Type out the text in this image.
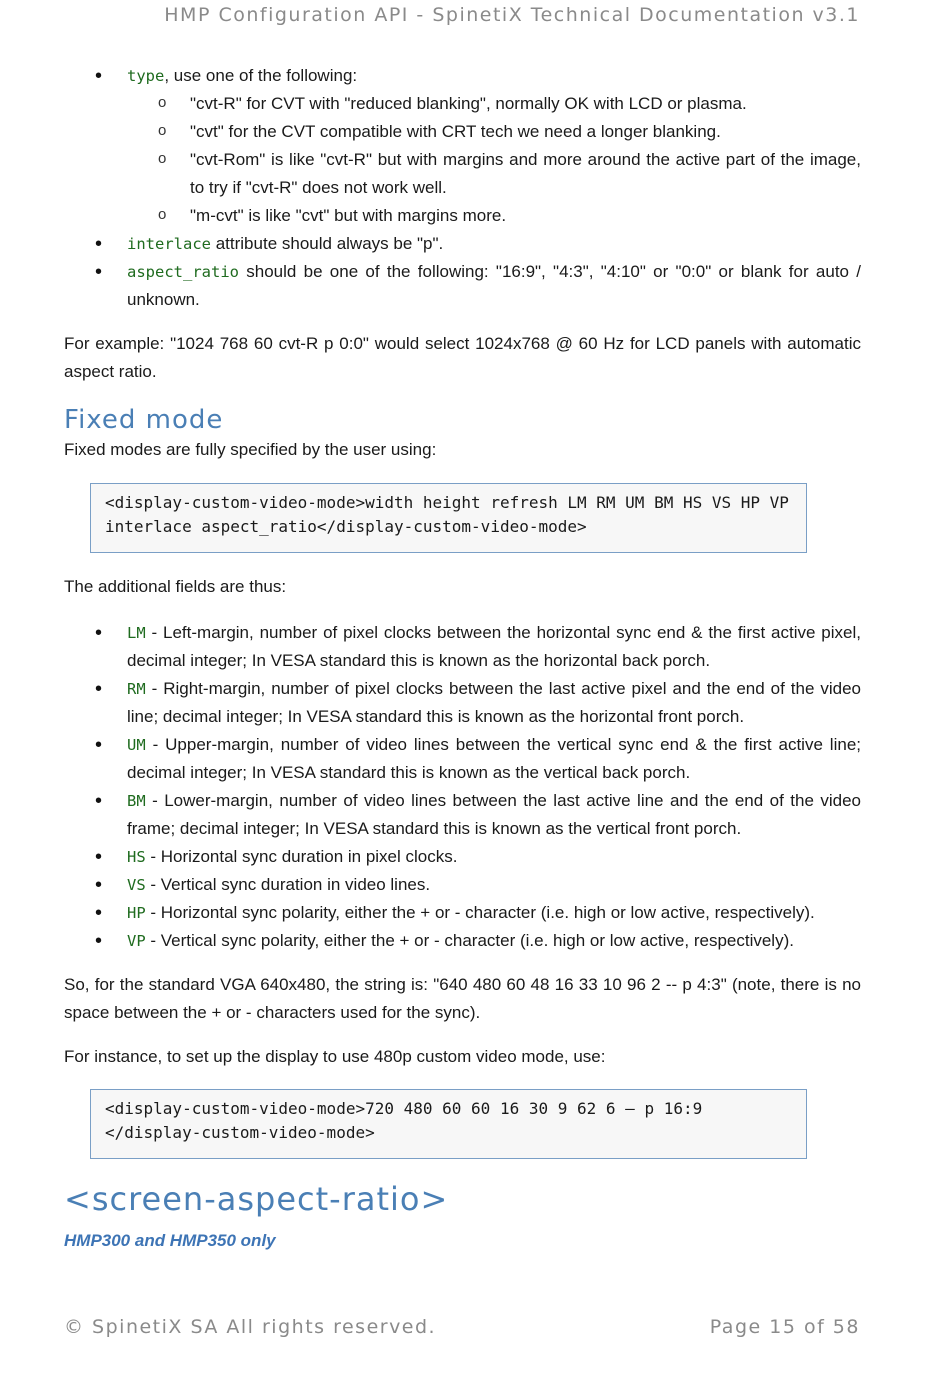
HMP Configuration API - SpinetiX Technical Documentation v3.1
• type, use one of the following:
o "cvt-R" for CVT with "reduced blanking", normally OK with LCD or plasma.
o "cvt" for the CVT compatible with CRT tech we need a longer blanking.
o "cvt-Rom" is like "cvt-R" but with margins and more around the active part of the image, to try if "cvt-R" does not work well.
o "m-cvt" is like "cvt" but with margins more.
• interlace attribute should always be "p".
• aspect_ratio should be one of the following: "16:9", "4:3", "4:10" or "0:0" or blank for auto / unknown.

For example: "1024 768 60 cvt-R p 0:0" would select 1024x768 @ 60 Hz for LCD panels with automatic aspect ratio.

Fixed mode

Fixed modes are fully specified by the user using:

<display-custom-video-mode>width height refresh LM RM UM BM HS VS HP VP interlace aspect_ratio</display-custom-video-mode>

The additional fields are thus:

• LM - Left-margin, number of pixel clocks between the horizontal sync end & the first active pixel, decimal integer; In VESA standard this is known as the horizontal back porch.
• RM - Right-margin, number of pixel clocks between the last active pixel and the end of the video line; decimal integer; In VESA standard this is known as the horizontal front porch.
• UM - Upper-margin, number of video lines between the vertical sync end & the first active line; decimal integer; In VESA standard this is known as the vertical back porch.
• BM - Lower-margin, number of video lines between the last active line and the end of the video frame; decimal integer; In VESA standard this is known as the vertical front porch.
• HS - Horizontal sync duration in pixel clocks.
• VS - Vertical sync duration in video lines.
• HP - Horizontal sync polarity, either the + or - character (i.e. high or low active, respectively).
• VP - Vertical sync polarity, either the + or - character (i.e. high or low active, respectively).

So, for the standard VGA 640x480, the string is: "640 480 60 48 16 33 10 96 2 -- p 4:3" (note, there is no space between the + or - characters used for the sync).

For instance, to set up the display to use 480p custom video mode, use:

<display-custom-video-mode>720 480 60 60 16 30 9 62 6 – p 16:9 </display-custom-video-mode>
<screen-aspect-ratio>
HMP300 and HMP350 only
© SpinetiX SA All rights reserved.	Page 15 of 58
